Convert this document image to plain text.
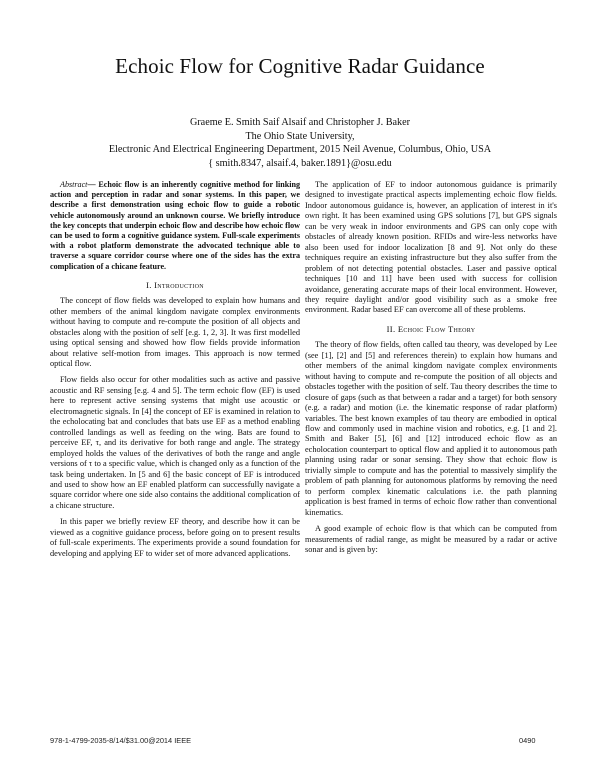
Echoic Flow for Cognitive Radar Guidance
Graeme E. Smith Saif Alsaif and Christopher J. Baker
The Ohio State University,
Electronic And Electrical Engineering Department, 2015 Neil Avenue, Columbus, Ohio, USA
{ smith.8347, alsaif.4, baker.1891}@osu.edu

Abstract— Echoic flow is an inherently cognitive method for linking action and perception in radar and sonar systems. In this paper, we describe a first demonstration using echoic flow to guide a robotic vehicle autonomously around an unknown course. We briefly introduce the key concepts that underpin echoic flow and describe how echoic flow can be used to form a cognitive guidance system. Full-scale experiments with a robot platform demonstrate the advocated technique able to traverse a square corridor course where one of the sides has the extra complication of a chicane feature.

I. Introduction

The concept of flow fields was developed to explain how humans and other members of the animal kingdom navigate complex environments without having to compute and re-compute the position of all objects and obstacles along with the position of self [e.g. 1, 2, 3]. It was first modelled using optical sensing and showed how flow fields provide information about relative self-motion from images. This approach is now termed optical flow.

Flow fields also occur for other modalities such as active and passive acoustic and RF sensing [e.g. 4 and 5]. The term echoic flow (EF) is used here to represent active sensing systems that might use acoustic or electromagnetic signals. In [4] the concept of EF is examined in relation to the echolocating bat and concludes that bats use EF as a method enabling controlled landings as well as feeding on the wing. Bats are found to perceive EF, τ, and its derivative for both range and angle. The strategy employed holds the values of the derivatives of both the range and angle versions of τ to a specific value, which is changed only as a function of the task being undertaken. In [5 and 6] the basic concept of EF is introduced and used to show how an EF enabled platform can successfully navigate a square corridor where one side also contains the additional complication of a chicane structure.

In this paper we briefly review EF theory, and describe how it can be viewed as a cognitive guidance process, before going on to present results of full-scale experiments. The experiments provide a sound foundation for developing and applying EF to wider set of more advanced applications.

The application of EF to indoor autonomous guidance is primarily designed to investigate practical aspects implementing echoic flow fields. Indoor autonomous guidance is, however, an application of interest in it's own right. It has been examined using GPS solutions [7], but GPS signals can be very weak in indoor environments and GPS can only cope with obstacles of already known position. RFIDs and wire-less networks have also been used for indoor localization [8 and 9]. Not only do these techniques require an existing infrastructure but they also suffer from the problem of not detecting potential obstacles. Laser and passive optical techniques [10 and 11] have been used with success for collision avoidance, generating accurate maps of their local environment. However, they require daylight and/or good visibility such as a smoke free environment. Radar based EF can overcome all of these problems.

II. Echoic Flow Theory

The theory of flow fields, often called tau theory, was developed by Lee (see [1], [2] and [5] and references therein) to explain how humans and other members of the animal kingdom navigate complex environments without having to compute and re-compute the position of all objects and obstacles together with the position of self. Tau theory describes the time to closure of gaps (such as that between a radar and a target) for both sensory (e.g. a radar) and motion (i.e. the kinematic response of radar platform) variables. The best known examples of tau theory are embodied in optical flow and commonly used in machine vision and robotics, e.g. [1 and 2]. Smith and Baker [5], [6] and [12] introduced echoic flow as an echolocation counterpart to optical flow and applied it to autonomous path planning using radar or sonar sensing. They show that echoic flow is trivially simple to compute and has the potential to massively simplify the problem of path planning for autonomous platforms by removing the need to perform complex kinematic calculations i.e. the path planning application is best framed in terms of echoic flow rather than conventional kinematics.

A good example of echoic flow is that which can be computed from measurements of radial range, as might be measured by a radar or active sonar and is given by:

978-1-4799-2035-8/14/$31.00@2014 IEEE	0490
